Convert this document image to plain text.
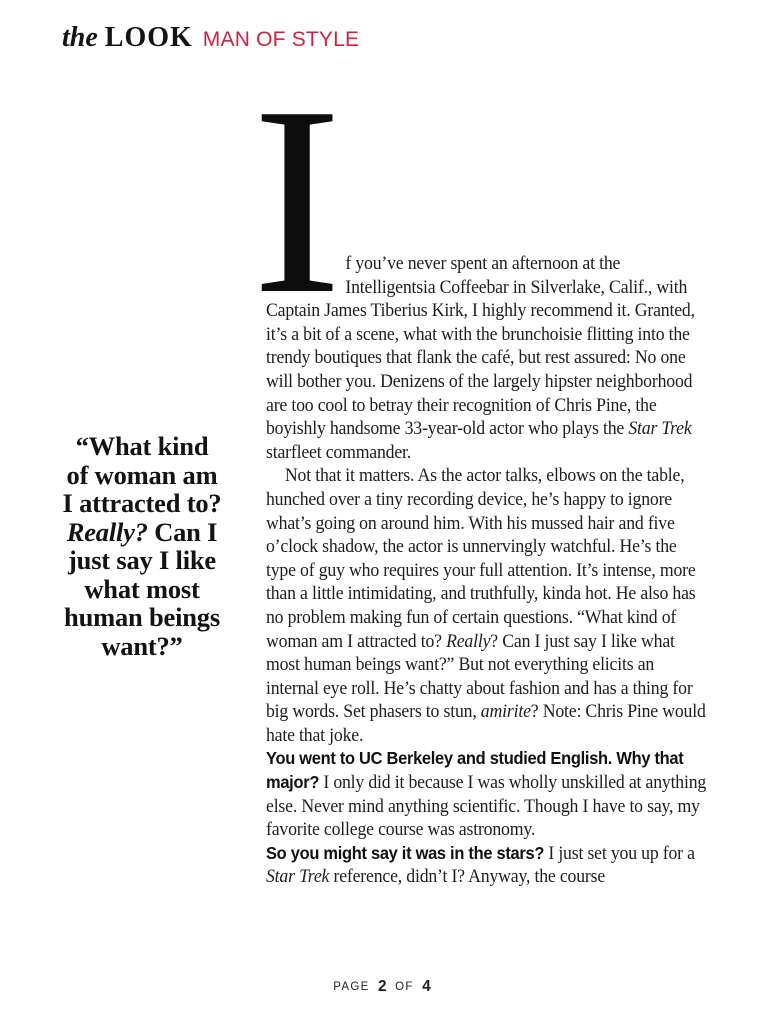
the LOOK MAN OF STYLE
I
“What kind
of woman am
I attracted to?
Really? Can I
just say I like
what most
human beings
want?”

f you’ve never spent an afternoon at the Intelligentsia Coffeebar in Silverlake, Calif., with Captain James Tiberius Kirk, I highly recommend it. Granted, it’s a bit of a scene, what with the brunchoisie flitting into the trendy boutiques that flank the café, but rest assured: No one will bother you. Denizens of the largely hipster neighborhood are too cool to betray their recognition of Chris Pine, the boyishly handsome 33-year-old actor who plays the Star Trek starfleet commander.

Not that it matters. As the actor talks, elbows on the table, hunched over a tiny recording device, he’s happy to ignore what’s going on around him. With his mussed hair and five o’clock shadow, the actor is unnervingly watchful. He’s the type of guy who requires your full attention. It’s intense, more than a little intimidating, and truthfully, kinda hot. He also has no problem making fun of certain questions. “What kind of woman am I attracted to? Really? Can I just say I like what most human beings want?” But not everything elicits an internal eye roll. He’s chatty about fashion and has a thing for big words. Set phasers to stun, amirite? Note: Chris Pine would hate that joke.

You went to UC Berkeley and studied English. Why that major? I only did it because I was wholly unskilled at anything else. Never mind anything scientific. Though I have to say, my favorite college course was astronomy.

So you might say it was in the stars? I just set you up for a Star Trek reference, didn’t I? Anyway, the course

PAGE 2 OF 4
